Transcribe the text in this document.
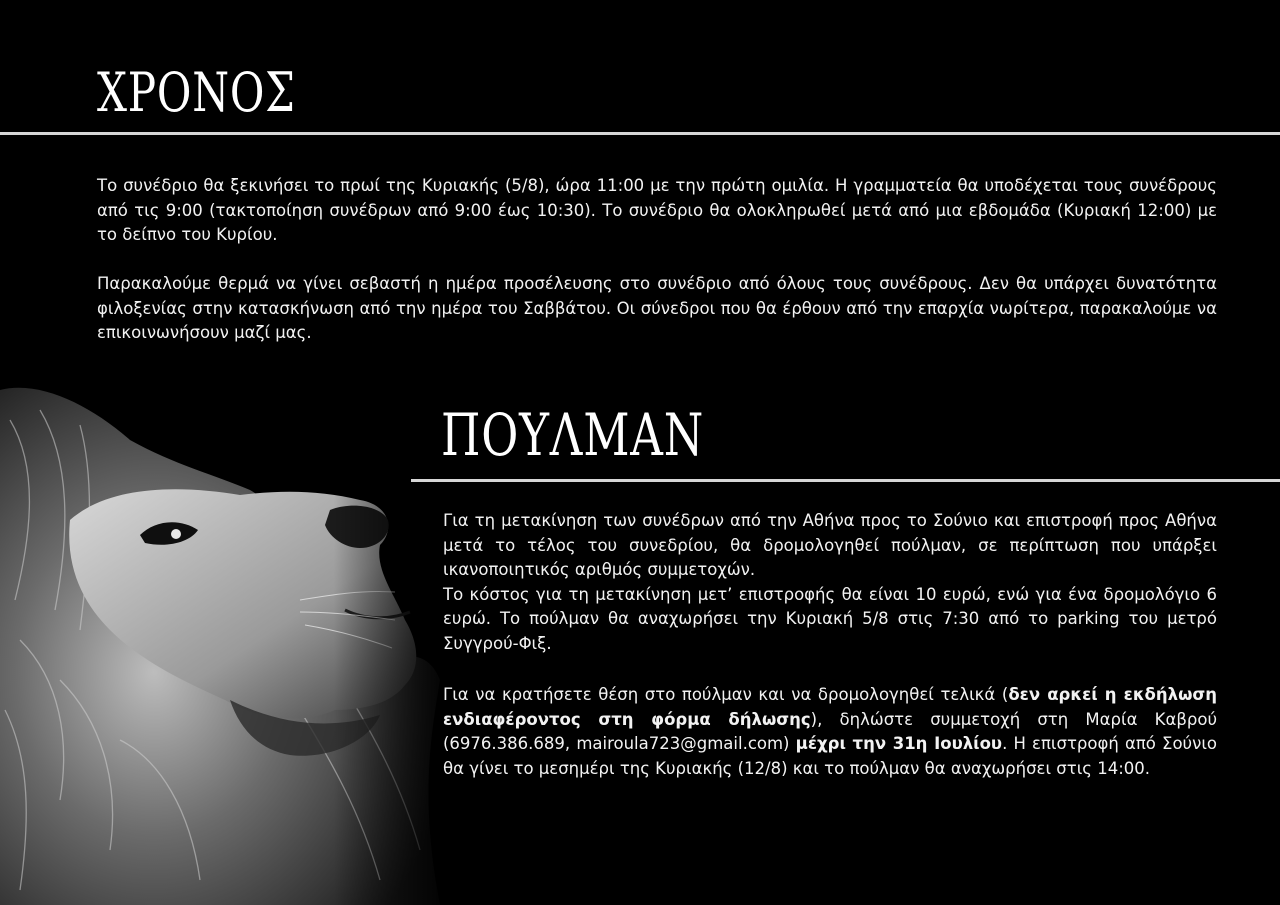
ΧΡΟΝΟΣ

Το συνέδριο θα ξεκινήσει το πρωί της Κυριακής (5/8), ώρα 11:00 με την πρώτη ομιλία. Η γραμματεία θα υποδέχεται τους συνέδρους από τις 9:00 (τακτοποίηση συνέδρων από 9:00 έως 10:30). Το συνέδριο θα ολοκληρωθεί μετά από μια εβδομάδα (Κυριακή 12:00) με το δείπνο του Κυρίου.

Παρακαλούμε θερμά να γίνει σεβαστή η ημέρα προσέλευσης στο συνέδριο από όλους τους συνέδρους. Δεν θα υπάρχει δυνατότητα φιλοξενίας στην κατασκήνωση από την ημέρα του Σαββάτου. Οι σύνεδροι που θα έρθουν από την επαρχία νωρίτερα, παρακαλούμε να επικοινωνήσουν μαζί μας.

ΠΟΥΛΜΑΝ

Για τη μετακίνηση των συνέδρων από την Αθήνα προς το Σούνιο και επιστροφή προς Αθήνα μετά το τέλος του συνεδρίου, θα δρομολογηθεί πούλμαν, σε περίπτωση που υπάρξει ικανοποιητικός αριθμός συμμετοχών.
Το κόστος για τη μετακίνηση μετ’ επιστροφής θα είναι 10 ευρώ, ενώ για ένα δρομολόγιο 6 ευρώ. Το πούλμαν θα αναχωρήσει την Κυριακή 5/8 στις 7:30 από το parking του μετρό Συγγρού-Φιξ.

Για να κρατήσετε θέση στο πούλμαν και να δρομολογηθεί τελικά (δεν αρκεί η εκδήλωση ενδιαφέροντος στη φόρμα δήλωσης), δηλώστε συμμετοχή στη Μαρία Καβρού (6976.386.689, mairoula723@gmail.com) μέχρι την 31η Ιουλίου. Η επιστροφή από Σούνιο θα γίνει το μεσημέρι της Κυριακής (12/8) και το πούλμαν θα αναχωρήσει στις 14:00.
